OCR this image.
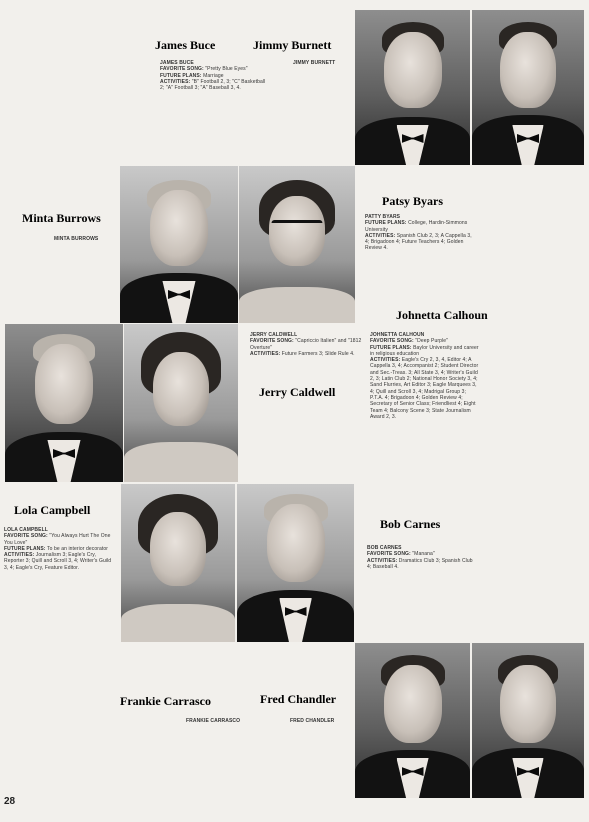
James Buce	Jimmy Burnett
JAMES BUCE
FAVORITE SONG: "Pretty Blue Eyes"
FUTURE PLANS: Marriage
ACTIVITIES: "B" Football 2, 3; "C" Basketball 2; "A" Football 3; "A" Baseball 3, 4.
JIMMY BURNETT
Minta Burrows
MINTA BURROWS
Patsy Byars
PATTY BYARS
FUTURE PLANS: College, Hardin-Simmons University
ACTIVITIES: Spanish Club 2, 3; A Cappella 3, 4; Brigadoon 4; Future Teachers 4; Golden Review 4.
JERRY CALDWELL
FAVORITE SONG: "Capriccio Italien" and "1812 Overture"
ACTIVITIES: Future Farmers 3; Slide Rule 4.
Jerry Caldwell
Johnetta Calhoun
JOHNETTA CALHOUN
FAVORITE SONG: "Deep Purple"
FUTURE PLANS: Baylor University and career in religious education
ACTIVITIES: Eagle's Cry 2, 3, 4, Editor 4; A Cappella 3, 4; Accompanist 2; Student Director and Sec.-Treas. 3; All State 3, 4; Writer's Guild 2, 3; Latin Club 2; National Honor Society 3, 4; Sand Flurries, Art Editor 3; Eagle Marquees 3, 4; Quill and Scroll 3, 4; Madrigal Group 3; P.T.A. 4; Brigadoon 4; Golden Review 4; Secretary of Senior Class; Friendliest 4; Eight Team 4; Balcony Scene 3; State Journalism Award 2, 3.
Lola Campbell
LOLA CAMPBELL
FAVORITE SONG: "You Always Hurt The One You Love"
FUTURE PLANS: To be an interior decorator
ACTIVITIES: Journalism 3; Eagle's Cry, Reporter 3; Quill and Scroll 3, 4; Writer's Guild 3, 4; Eagle's Cry, Feature Editor.
Bob Carnes
BOB CARNES
FAVORITE SONG: "Manana"
ACTIVITIES: Dramatics Club 3; Spanish Club 4; Baseball 4.
Frankie Carrasco	Fred Chandler
FRANKIE CARRASCO	FRED CHANDLER
28
